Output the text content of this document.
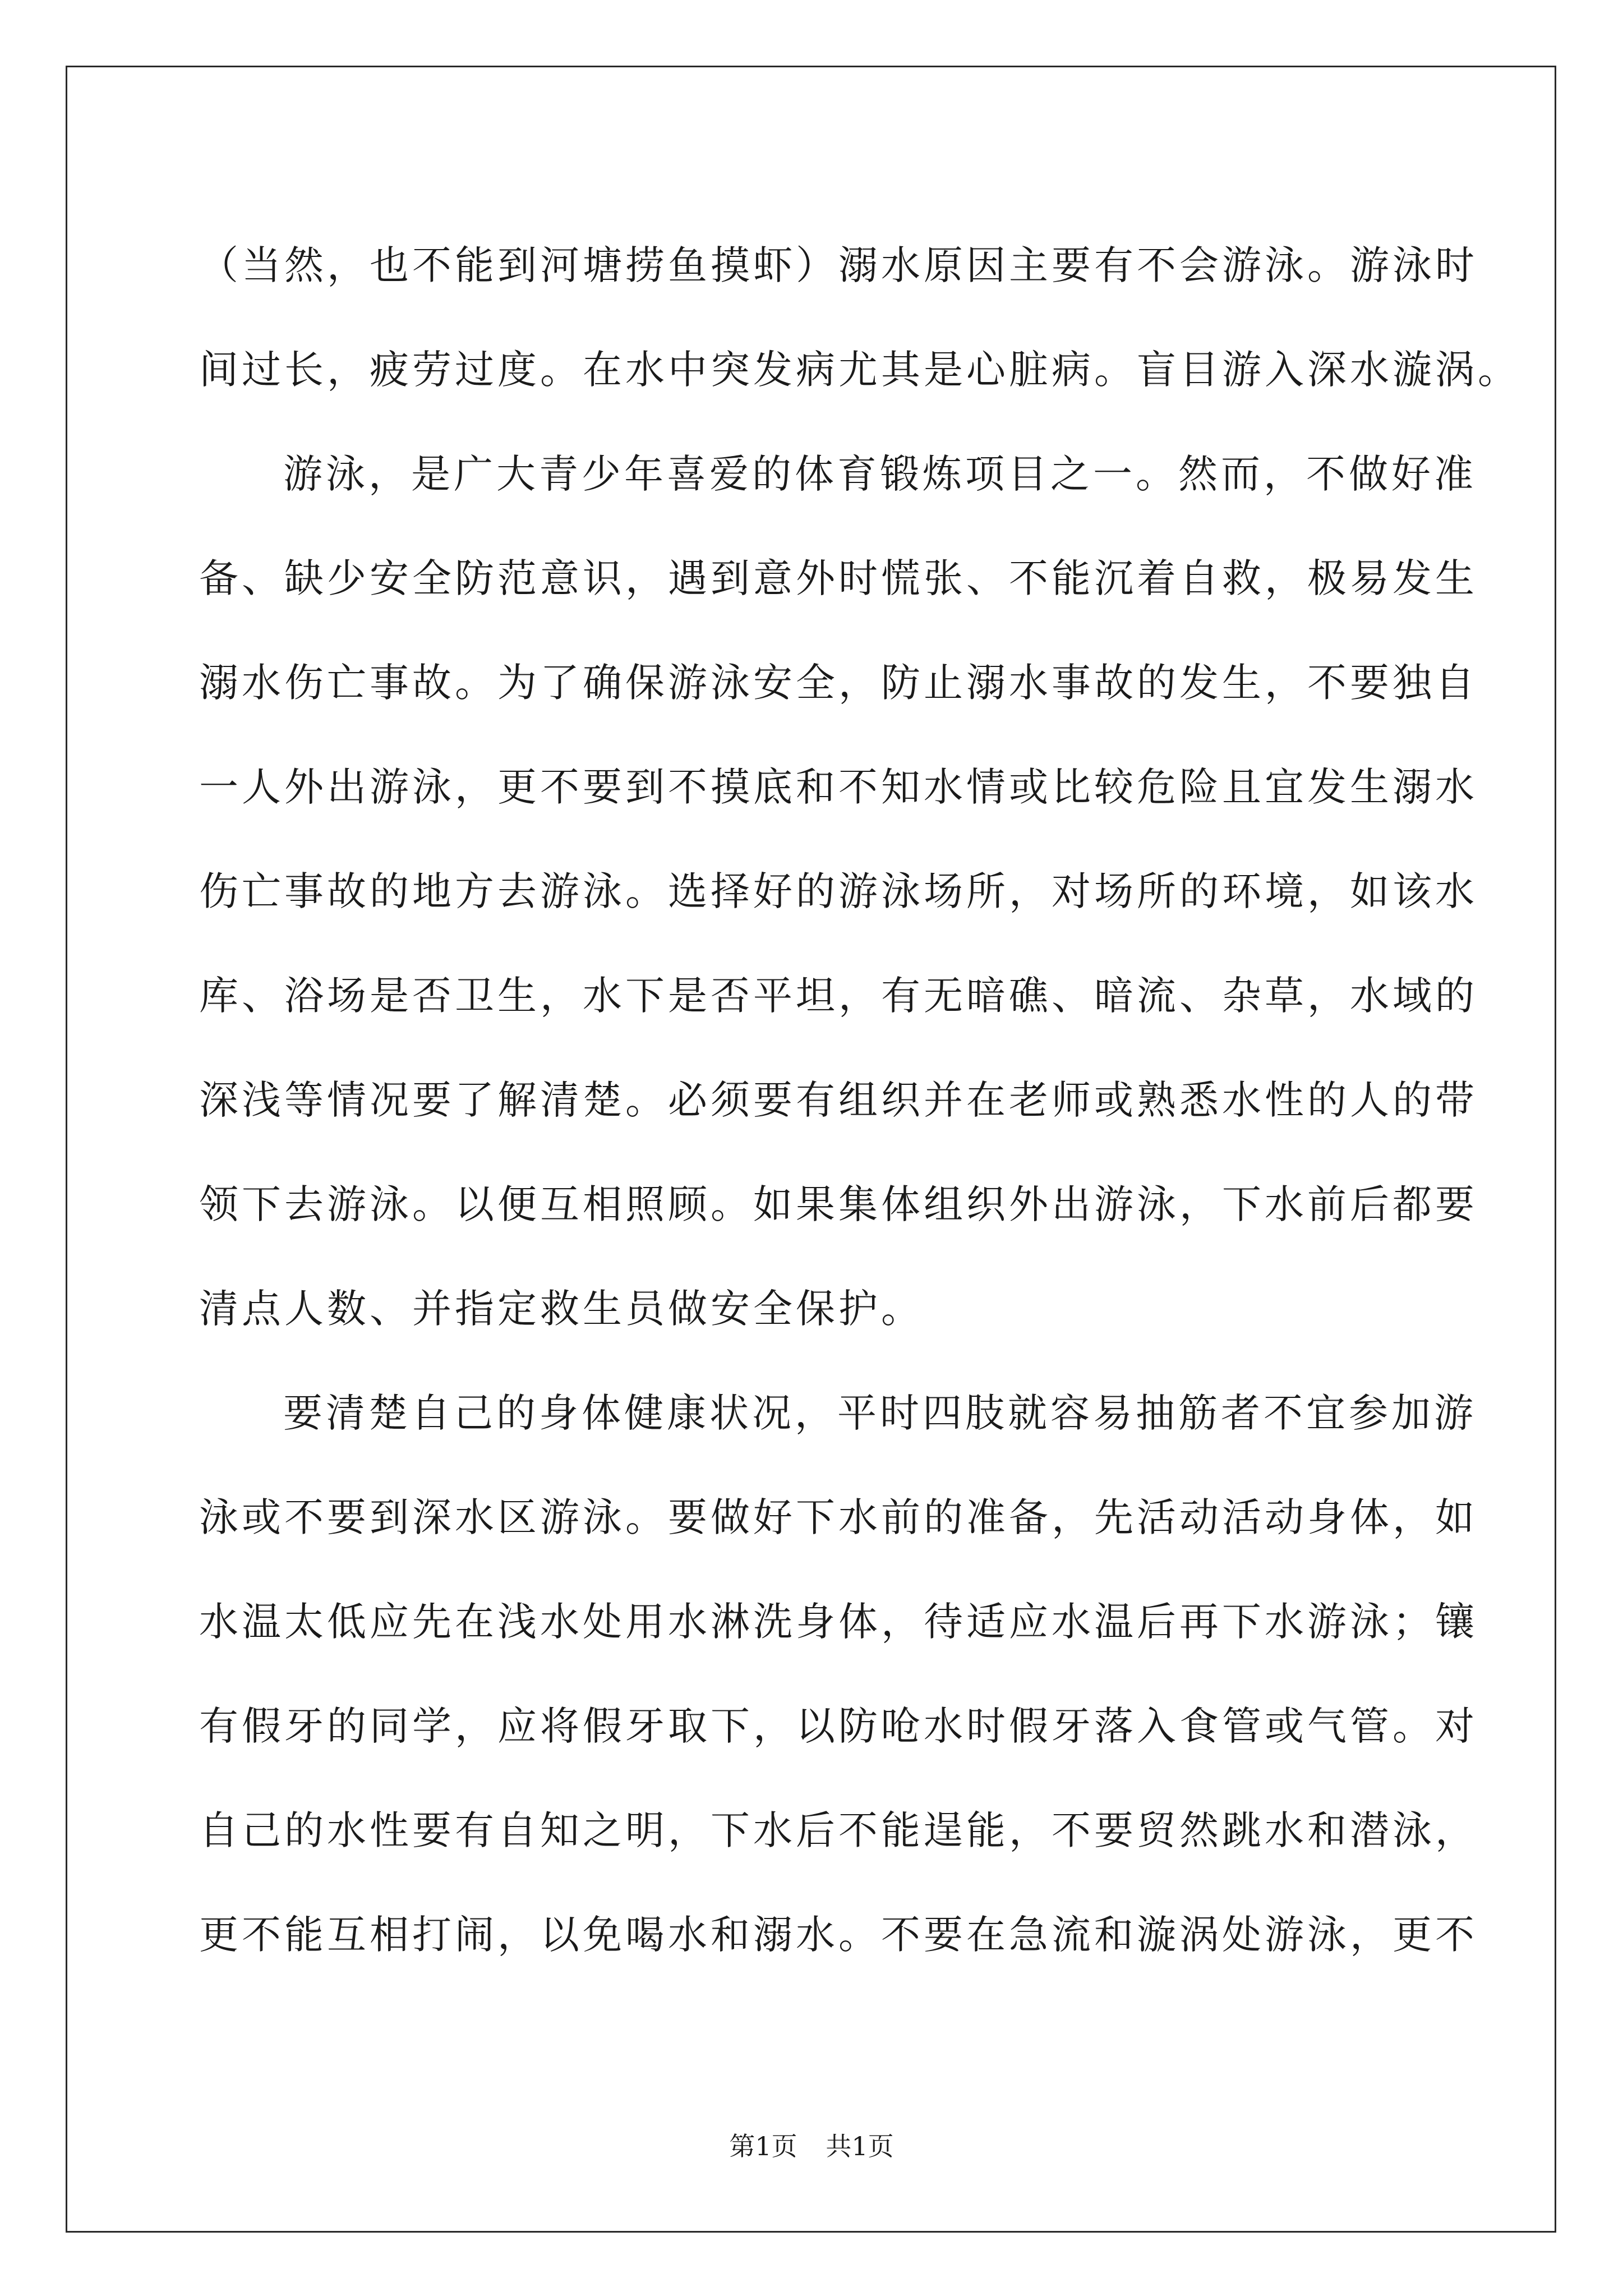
（当然，也不能到河塘捞鱼摸虾）溺水原因主要有不会游泳。游泳时
间过长，疲劳过度。在水中突发病尤其是心脏病。盲目游入深水漩涡。
游泳，是广大青少年喜爱的体育锻炼项目之一。然而，不做好准
备、缺少安全防范意识，遇到意外时慌张、不能沉着自救，极易发生
溺水伤亡事故。为了确保游泳安全，防止溺水事故的发生，不要独自
一人外出游泳，更不要到不摸底和不知水情或比较危险且宜发生溺水
伤亡事故的地方去游泳。选择好的游泳场所，对场所的环境，如该水
库、浴场是否卫生，水下是否平坦，有无暗礁、暗流、杂草，水域的
深浅等情况要了解清楚。必须要有组织并在老师或熟悉水性的人的带
领下去游泳。以便互相照顾。如果集体组织外出游泳，下水前后都要
清点人数、并指定救生员做安全保护。
要清楚自己的身体健康状况，平时四肢就容易抽筋者不宜参加游
泳或不要到深水区游泳。要做好下水前的准备，先活动活动身体，如
水温太低应先在浅水处用水淋洗身体，待适应水温后再下水游泳；镶
有假牙的同学，应将假牙取下，以防呛水时假牙落入食管或气管。对
自己的水性要有自知之明，下水后不能逞能，不要贸然跳水和潜泳，
更不能互相打闹，以免喝水和溺水。不要在急流和漩涡处游泳，更不
第1页 共1页
